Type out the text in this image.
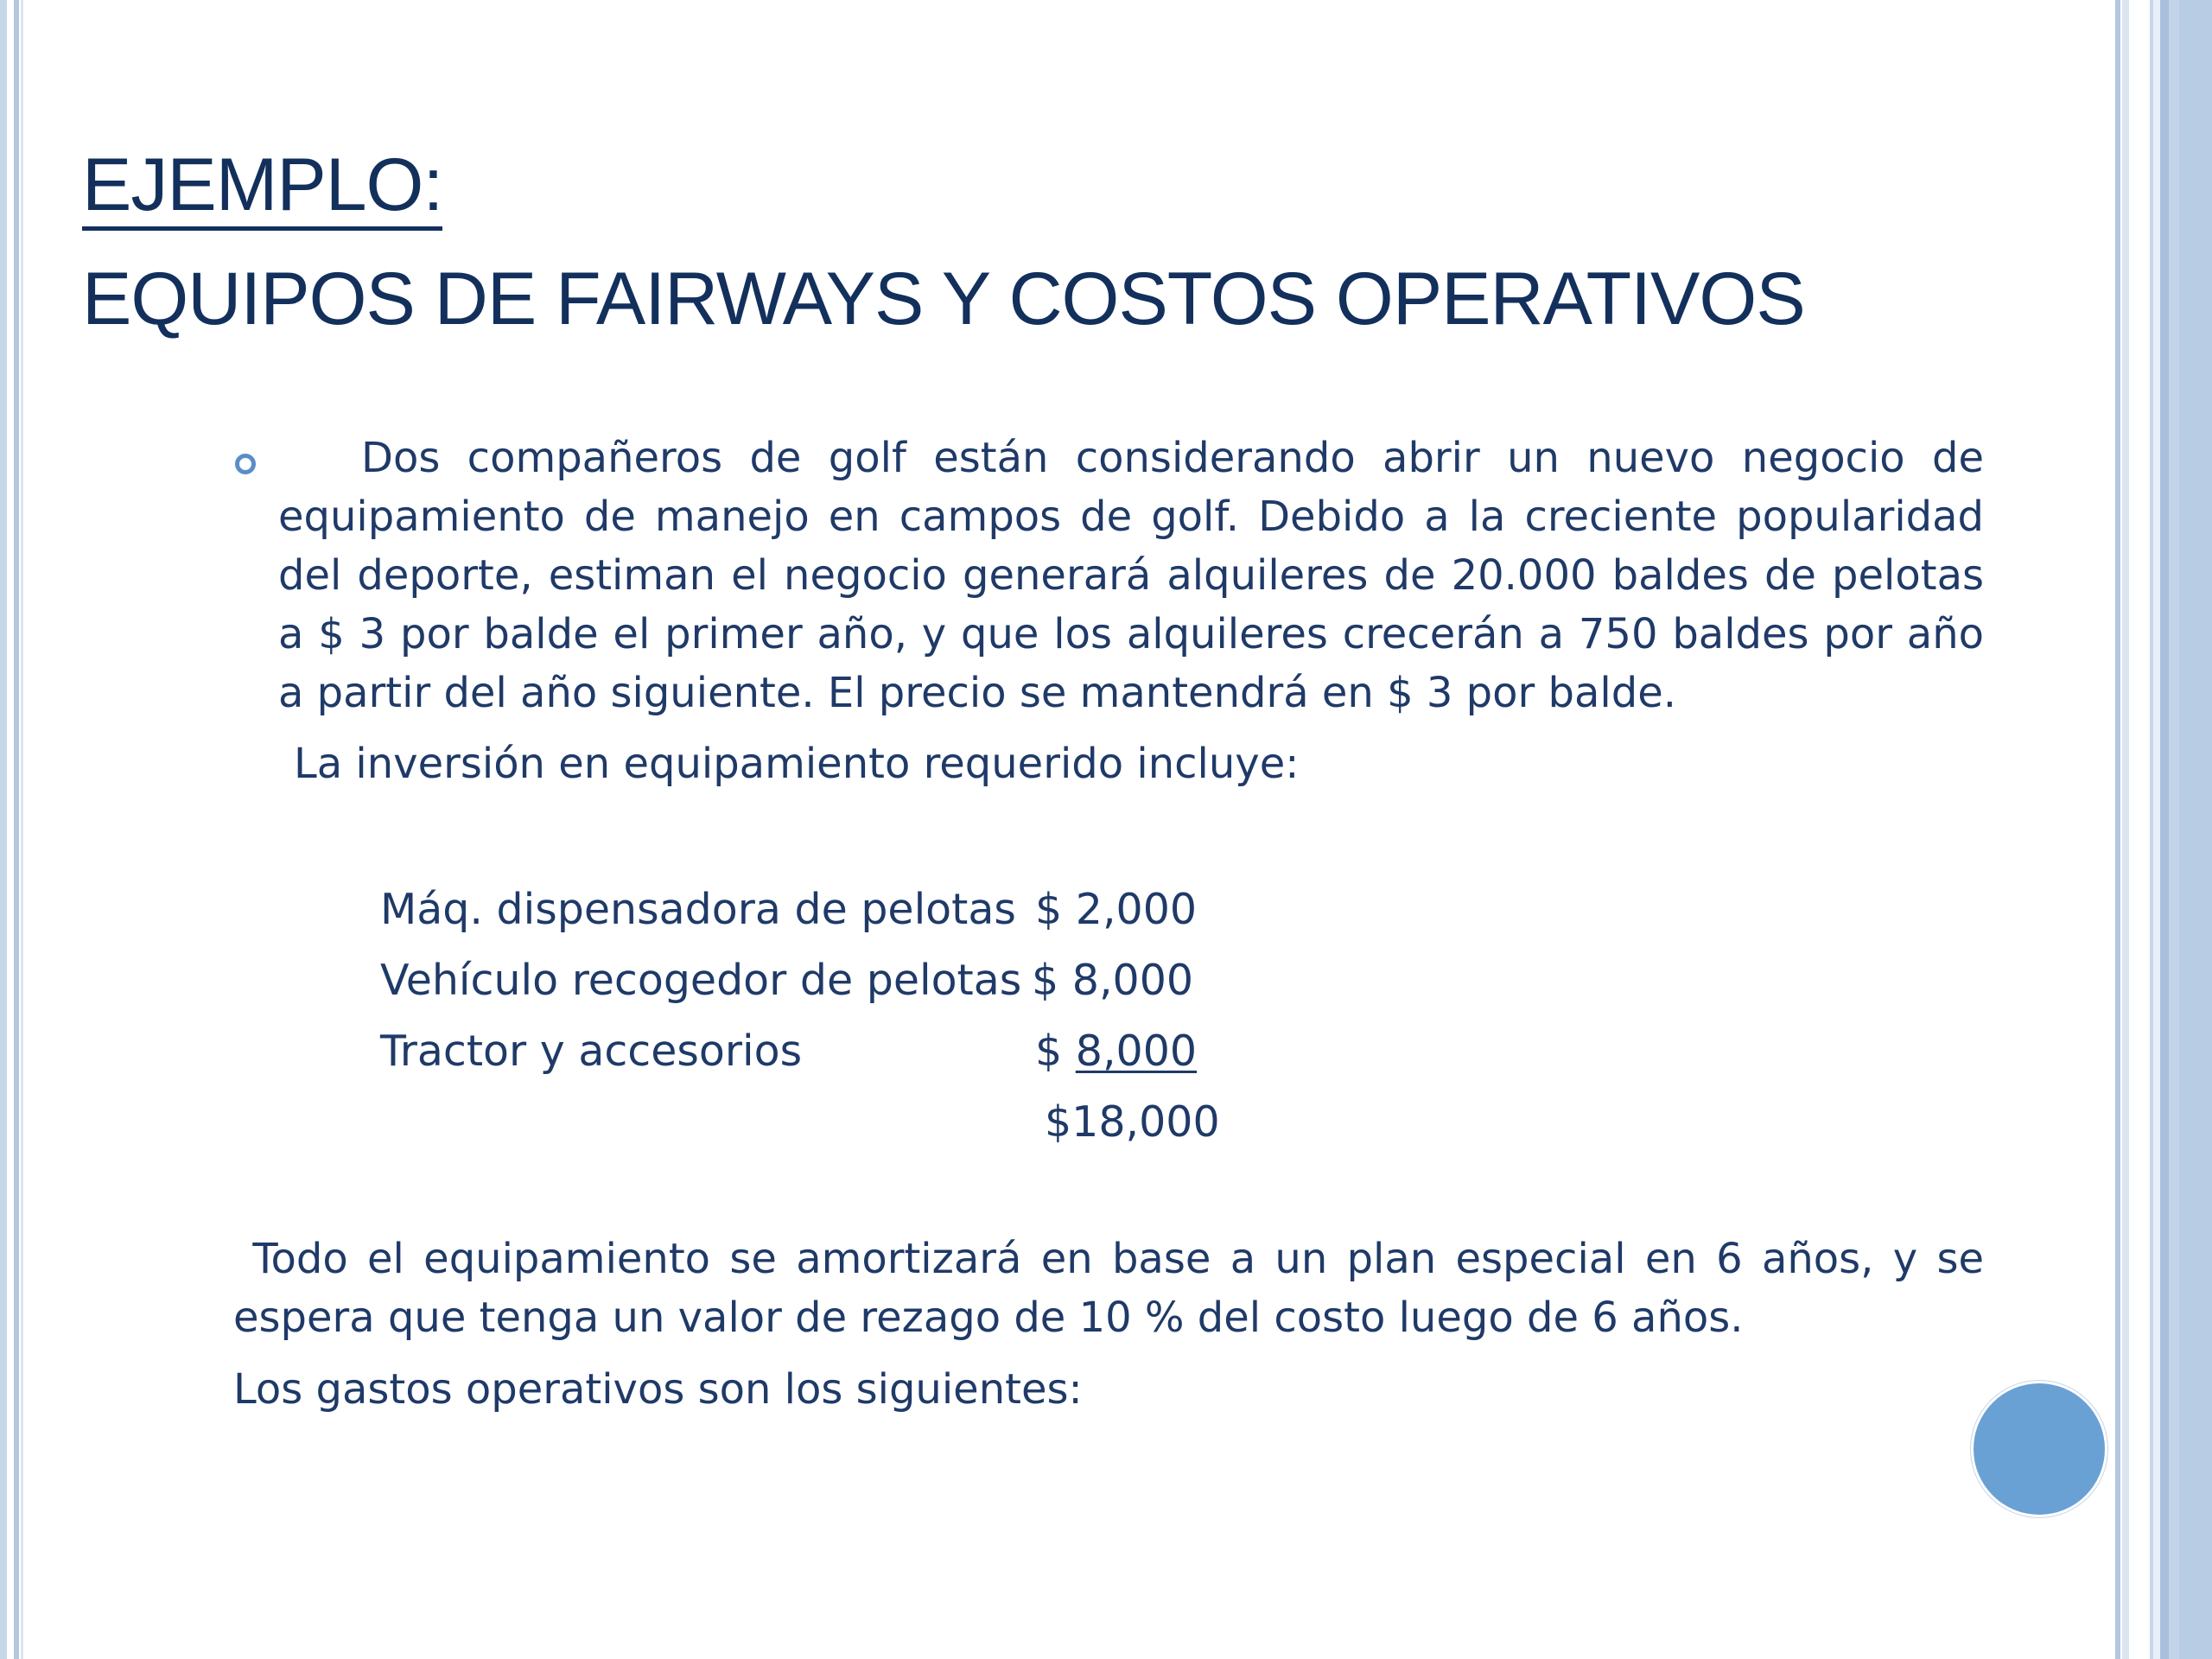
EJEMPLO:
EQUIPOS DE FAIRWAYS Y COSTOS OPERATIVOS
Dos compañeros de golf están considerando abrir un nuevo negocio de equipamiento de manejo en campos de golf. Debido a la creciente popularidad del deporte, estiman el negocio generará alquileres de 20.000 baldes de pelotas a $ 3 por balde el primer año, y que los alquileres crecerán a 750 baldes por año a partir del año siguiente. El precio se mantendrá en $ 3 por balde.
La inversión en equipamiento requerido incluye:
Máq. dispensadora de pelotas $ 2,000
Vehículo recogedor de pelotas $ 8,000
Tractor y accesorios	$ 8,000
$18,000
Todo el equipamiento se amortizará en base a un plan especial en 6 años, y se espera que tenga un valor de rezago de 10 % del costo luego de 6 años.
Los gastos operativos son los siguientes:
